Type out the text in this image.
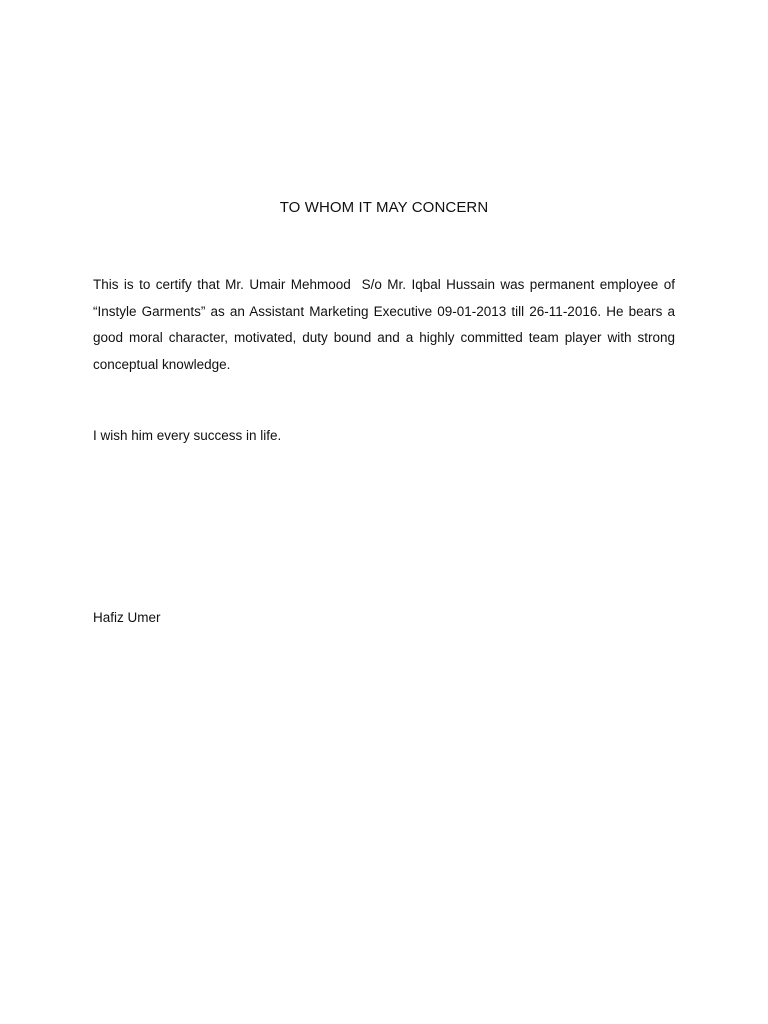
TO WHOM IT MAY CONCERN
This is to certify that Mr. Umair Mehmood  S/o Mr. Iqbal Hussain was permanent employee of “Instyle Garments” as an Assistant Marketing Executive 09-01-2013 till 26-11-2016. He bears a good moral character, motivated, duty bound and a highly committed team player with strong conceptual knowledge.
I wish him every success in life.
Hafiz Umer
